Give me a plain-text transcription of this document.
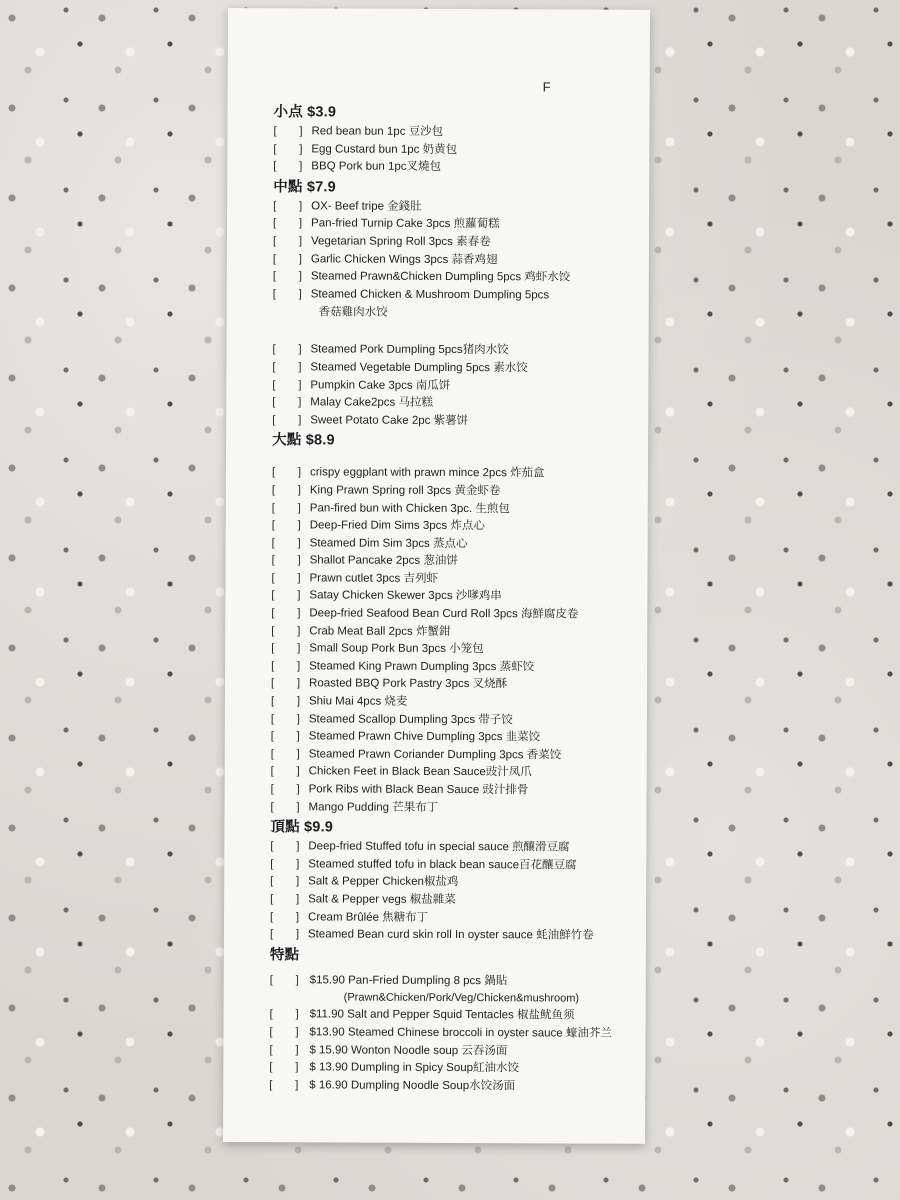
F
小点 $3.9
[ ] Red bean bun 1pc 豆沙包
[ ] Egg Custard bun 1pc 奶黄包
[ ] BBQ Pork bun 1pc叉燒包
中點 $7.9
[ ] OX- Beef tripe 金錢肚
[ ] Pan-fried Turnip Cake 3pcs 煎蘿蔔糕
[ ] Vegetarian Spring Roll 3pcs 素春卷
[ ] Garlic Chicken Wings 3pcs 蒜香鸡翅
[ ] Steamed Prawn&Chicken Dumpling 5pcs 鸡虾水饺
[ ] Steamed Chicken & Mushroom Dumpling 5pcs
香菇雞肉水饺
[ ] Steamed Pork Dumpling 5pcs猪肉水饺
[ ] Steamed Vegetable Dumpling 5pcs 素水饺
[ ] Pumpkin Cake 3pcs 南瓜饼
[ ] Malay Cake2pcs 马拉糕
[ ] Sweet Potato Cake 2pc 紫薯饼
大點 $8.9
[ ] crispy eggplant with prawn mince 2pcs 炸茄盒
[ ] King Prawn Spring roll 3pcs 黄金虾卷
[ ] Pan-fired bun with Chicken 3pc. 生煎包
[ ] Deep-Fried Dim Sims 3pcs 炸点心
[ ] Steamed Dim Sim 3pcs 蒸点心
[ ] Shallot Pancake 2pcs 葱油饼
[ ] Prawn cutlet 3pcs 吉列虾
[ ] Satay Chicken Skewer 3pcs 沙嗲鸡串
[ ] Deep-fried Seafood Bean Curd Roll 3pcs 海鮮腐皮卷
[ ] Crab Meat Ball 2pcs 炸蟹鉗
[ ] Small Soup Pork Bun 3pcs 小笼包
[ ] Steamed King Prawn Dumpling 3pcs 蒸虾饺
[ ] Roasted BBQ Pork Pastry 3pcs 叉烧酥
[ ] Shiu Mai 4pcs 烧麦
[ ] Steamed Scallop Dumpling 3pcs 带子饺
[ ] Steamed Prawn Chive Dumpling 3pcs 韭菜饺
[ ] Steamed Prawn Coriander Dumpling 3pcs 香菜饺
[ ] Chicken Feet in Black Bean Sauce豉汁凤爪
[ ] Pork Ribs with Black Bean Sauce 豉汁排骨
[ ] Mango Pudding 芒果布丁
頂點 $9.9
[ ] Deep-fried Stuffed tofu in special sauce 煎釀滑豆腐
[ ] Steamed stuffed tofu in black bean sauce百花釀豆腐
[ ] Salt & Pepper Chicken椒盐鸡
[ ] Salt & Pepper vegs 椒盐雜菜
[ ] Cream Brûlée 焦糖布丁
[ ] Steamed Bean curd skin roll In oyster sauce 蚝油鮮竹卷
特點
[ ] $15.90 Pan-Fried Dumpling 8 pcs 鍋貼
(Prawn&Chicken/Pork/Veg/Chicken&mushroom)
[ ] $11.90 Salt and Pepper Squid Tentacles 椒盐鱿鱼须
[ ] $13.90 Steamed Chinese broccoli in oyster sauce 蠔油芥兰
[ ] $ 15.90 Wonton Noodle soup 云吞汤面
[ ] $ 13.90 Dumpling in Spicy Soup紅油水饺
[ ] $ 16.90 Dumpling Noodle Soup水饺汤面
